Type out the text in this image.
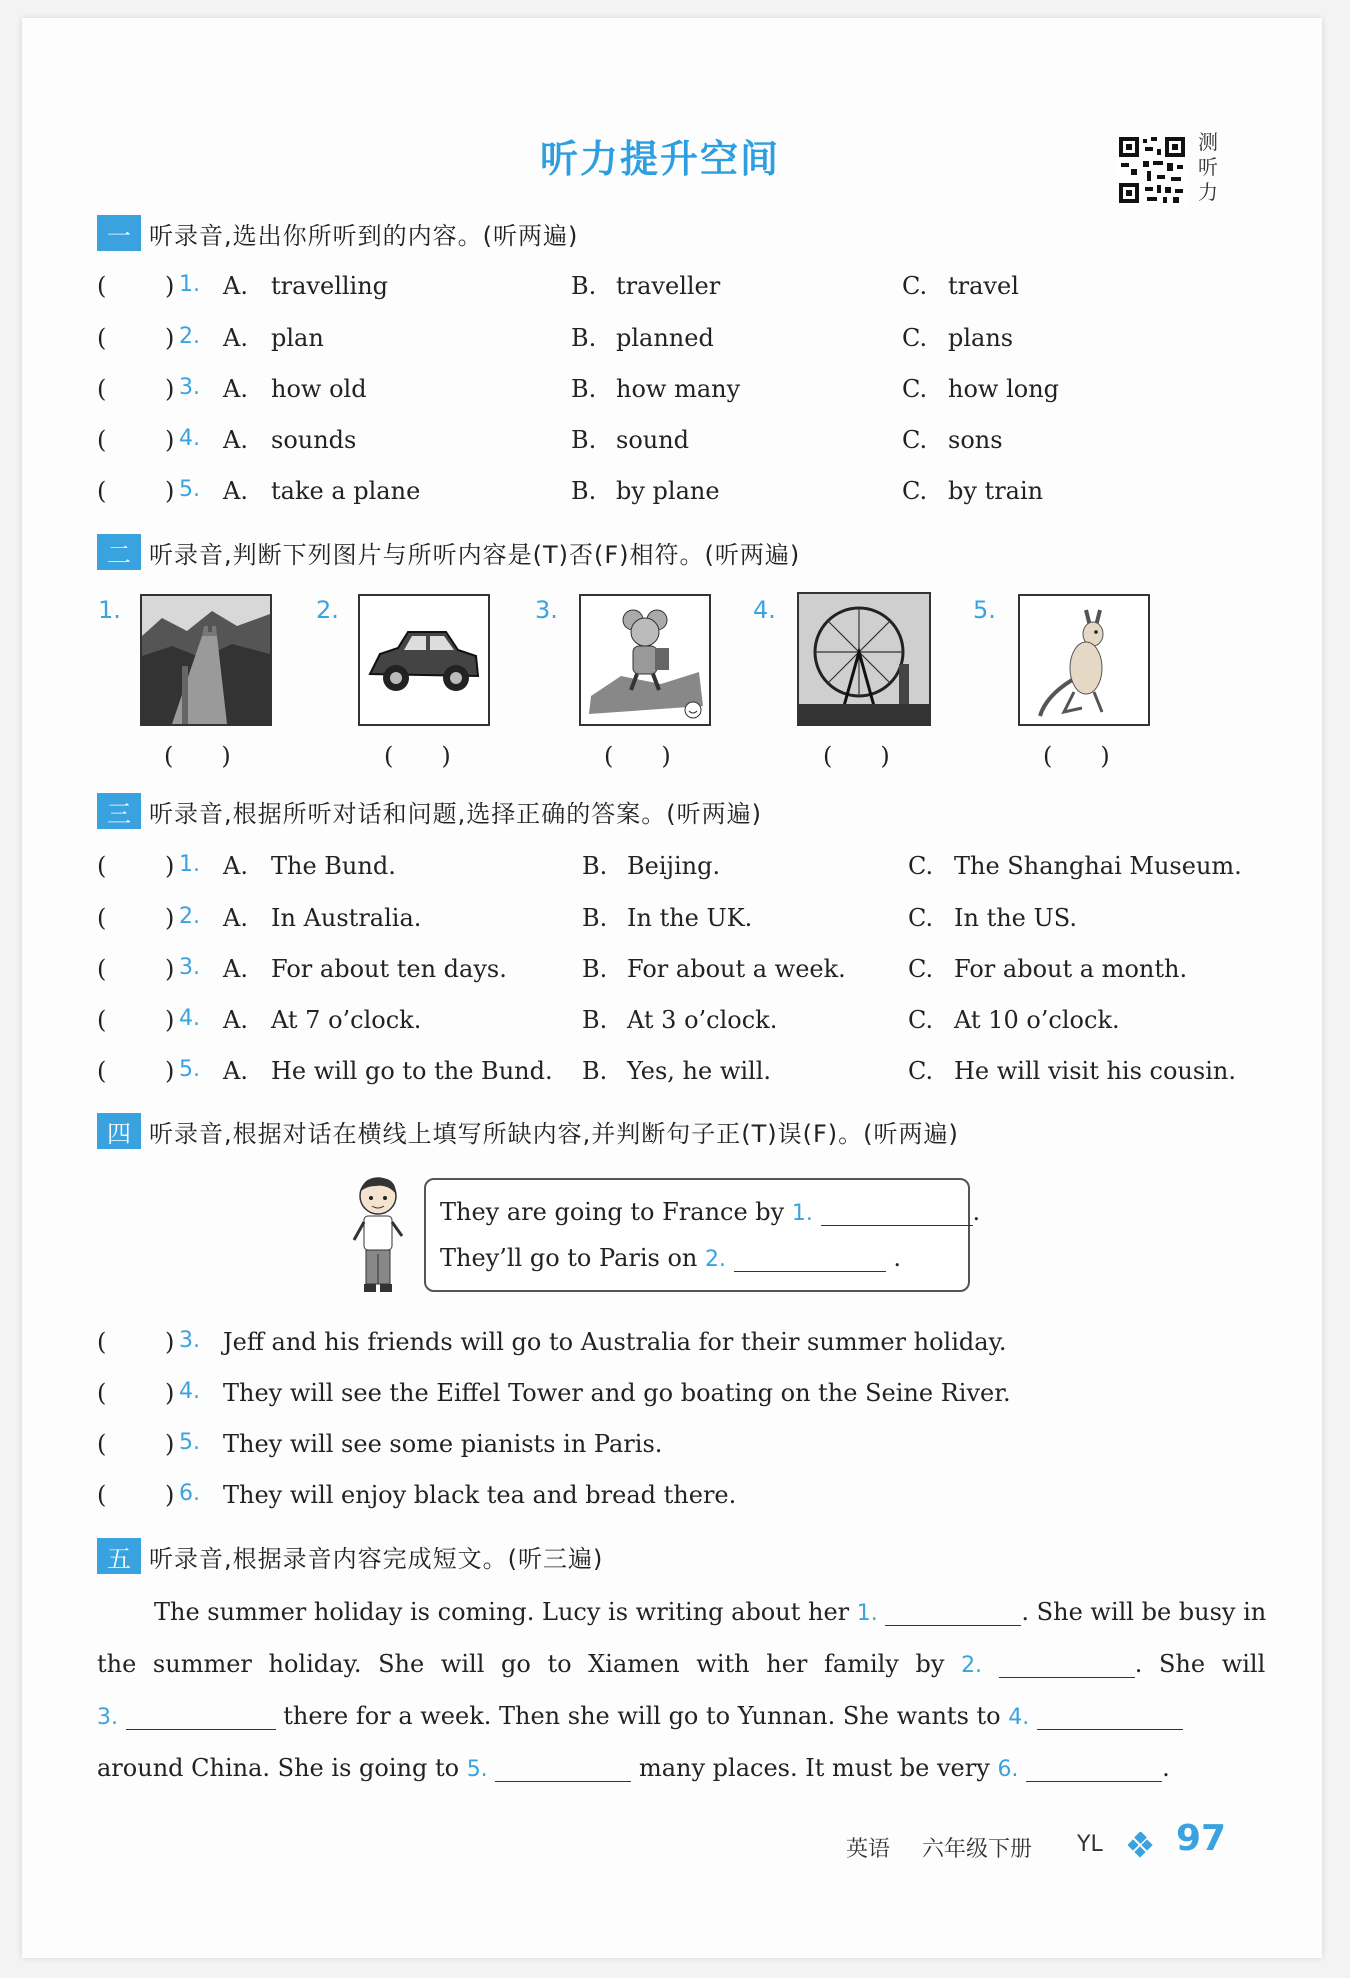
听力提升空间	测
听
力
一 听录音,选出你所听到的内容。(听两遍)
( ) 1. A. travelling	B. traveller	C. travel
( ) 2. A. plan	B. planned	C. plans
( ) 3. A. how old	B. how many	C. how long
( ) 4. A. sounds	B. sound	C. sons
( ) 5. A. take a plane	B. by plane	C. by train
二 听录音,判断下列图片与所听内容是(T)否(F)相符。(听两遍)
1.
(　　)
2.
(　　)
3.
(　　)
4.
(　　)
5.
(　　)
三 听录音,根据所听对话和问题,选择正确的答案。(听两遍)
( ) 1. A. The Bund.	B. Beijing.	C. The Shanghai Museum.
( ) 2. A. In Australia.	B. In the UK.	C. In the US.
( ) 3. A. For about ten days.	B. For about a week.	C. For about a month.
( ) 4. A. At 7 o’clock.	B. At 3 o’clock.	C. At 10 o’clock.
( ) 5. A. He will go to the Bund. B. Yes, he will.	C. He will visit his cousin.
四 听录音,根据对话在横线上填写所缺内容,并判断句子正(T)误(F)。(听两遍)
They are going to France by 1.	.
They’ll go to Paris on 2.	.
( ) 3. Jeff and his friends will go to Australia for their summer holiday.
( ) 4. They will see the Eiffel Tower and go boating on the Seine River.
( ) 5. They will see some pianists in Paris.
( ) 6. They will enjoy black tea and bread there.
五 听录音,根据录音内容完成短文。(听三遍)
The summer holiday is coming. Lucy is writing about her 1.	. She will be busy in
the summer holiday. She will go to Xiamen with her family by 2.	. She will
3.	there for a week. Then she will go to Yunnan. She wants to 4.
around China. She is going to 5.	many places. It must be very 6.	.
英语 六年级下册 YL 97
